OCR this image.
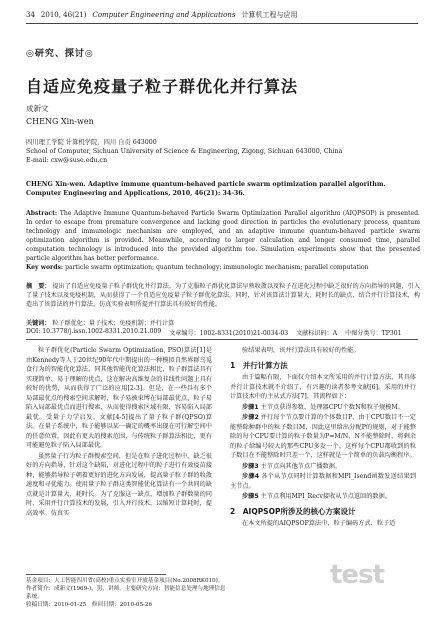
34 2010, 46(21) Computer Engineering and Applications 计算机工程与应用
◎研究、探讨◎
自适应免疫量子粒子群优化并行算法
成新文
CHENG Xin-wen
四川理工学院 计算机学院，四川 自贡 643000
School of Computer, Sichuan University of Science & Engineering, Zigong, Sichuan 643000, China
E-mail: cxw@suse.edu.cn
CHENG Xin-wen. Adaptive immune quantum-behaved particle swarm optimization parallel algorithm. Computer Engineering and Applications, 2010, 46(21): 34-36.
Abstract: The Adaptive Immune Quantum-behaved Particle Swarm Optimization Parallel algorithm (AIQPSOP) is presented. In order to escape from premature convergence and lacking good direction in particles the evolutionary process, quantum technology and immunologic mechanism are employed, and an adaptive immune quantum-behaved particle swarm optimization algorithm is provided. Meanwhile, according to larger calculation and longer consumed time, parallel computation technology is introduced into the provided algorithm too. Simulation experiments show that the presented particle algorithm has better performance.
Key words: particle swarm optimization; quantum technology; immunologic mechanism; parallel computation
摘　要： 提出了自适应免疫量子粒子群优化并行算法。为了克服粒子群优化算法早熟收敛以及粒子在进化过程中缺乏很好的方向指导的问题，引入了量子技术以及免疫机制，从而获得了一个自适应免疫量子粒子群优化算法。同时，针对该算法计算量大、耗时长的缺点，结合并行计算技术，构造出了该算法的并行算法。仿真实验表明所提并行算法具有较好的性能。
关键词： 粒子群优化；量子技术；免疫机制；并行计算
DOI: 10.3778/j.issn.1002-8331.2010.21.009 文章编号：1002-8331(2010)21-0034-03 文献标识码：A 中图分类号：TP301

粒子群优化(Particle Swarm Optimization, PSO)算法[1]是由Kennedy等人于20世纪90年代中期提出的一种模拟自然界群鸟觅食行为的智能优化算法。同其他智能优化算法相比，粒子群算法具有实现简单、易于理解的优点，这在解决高维复杂的非线性问题上具有较好的优势，从而获得了广泛的应用[2-3]。但是，在一些具有多个局部最优点的搜索空间求解时，粒子易被束缚在局部最优点，粒子易陷入局部最优点而进行搜索，从而使得搜索区域有限，容易陷入局部最优。受量子力学启发，文献[4-5]提出了量子粒子群(QPSO)算法。在量子系统中，粒子能够以某一确定的概率出现在可行解空间中的任意位置，因此有更大的搜索范围，与传统粒子群算法相比，更有可能避免粒子陷入局部最优。

虽然量子行为粒子群搜索空间，但是在粒子进化过程中，缺乏很好的方向指导，针对这个缺陷，对进化过程中的粒子进行有效疫苗接种，能够指导粒子朝着更好的进化方向发展，提高量子粒子群的收敛速度和寻优能力。使用量子粒子群这类智能优化算法有一个共同的缺点就是计算量大，耗时长。为了克服这一缺点，增加粒子群数量的同时，采用并行计算技术的发展，引入并行技术，以缩短计算耗时，提高效率。仿真实

验结果表明，该并行算法具有较好的性能。

1　并行计算方法

由于篇幅有限，下面仅介绍本文所采用的并行计算方法，其具体并行计算技术就不介绍了，有兴趣的读者参考文献[6]。采用的并行计算技术中的主从式方法[7]，其流程如下：

步骤1 主节点获得参数，处理器CPU个数N和粒子规模M。

步骤2 并行每个节点要计算的个体数目P，由于CPU数目不一定能整除种群中的粒子数目M，因此这里给出分配P的规则，对于能整除的每个CPU要计算的粒子数量为P=M/N，N不能整除时，将剩余的粒子给编号较大的那些CPU多发一个。这样每个CPU都收到的粒子数目在不能整除时只差一个，这样就是一个简单的负载均衡程序。

步骤3 主节点向其他节点广播数据。

步骤4 各个从节点同时计算数据和MPI_Isend函数发送结果到主节点。

步骤5 主节点利用MPI_Recv接收从节点返回的数据。

2　AIQPSOP所涉及的核心方案设计

在本文所提的AIQPSOP算法中，粒子编码方式、粒子适

基金项目：人工智能四川省(高校)重点实验室开放基金项目(No.2008RK010)。
作者简介：成新文(1969-)，男，讲师，主要研究方向：智能信息处理与地理信息系统。
收稿日期：2010-01-25　修回日期：2010-05-26
test
